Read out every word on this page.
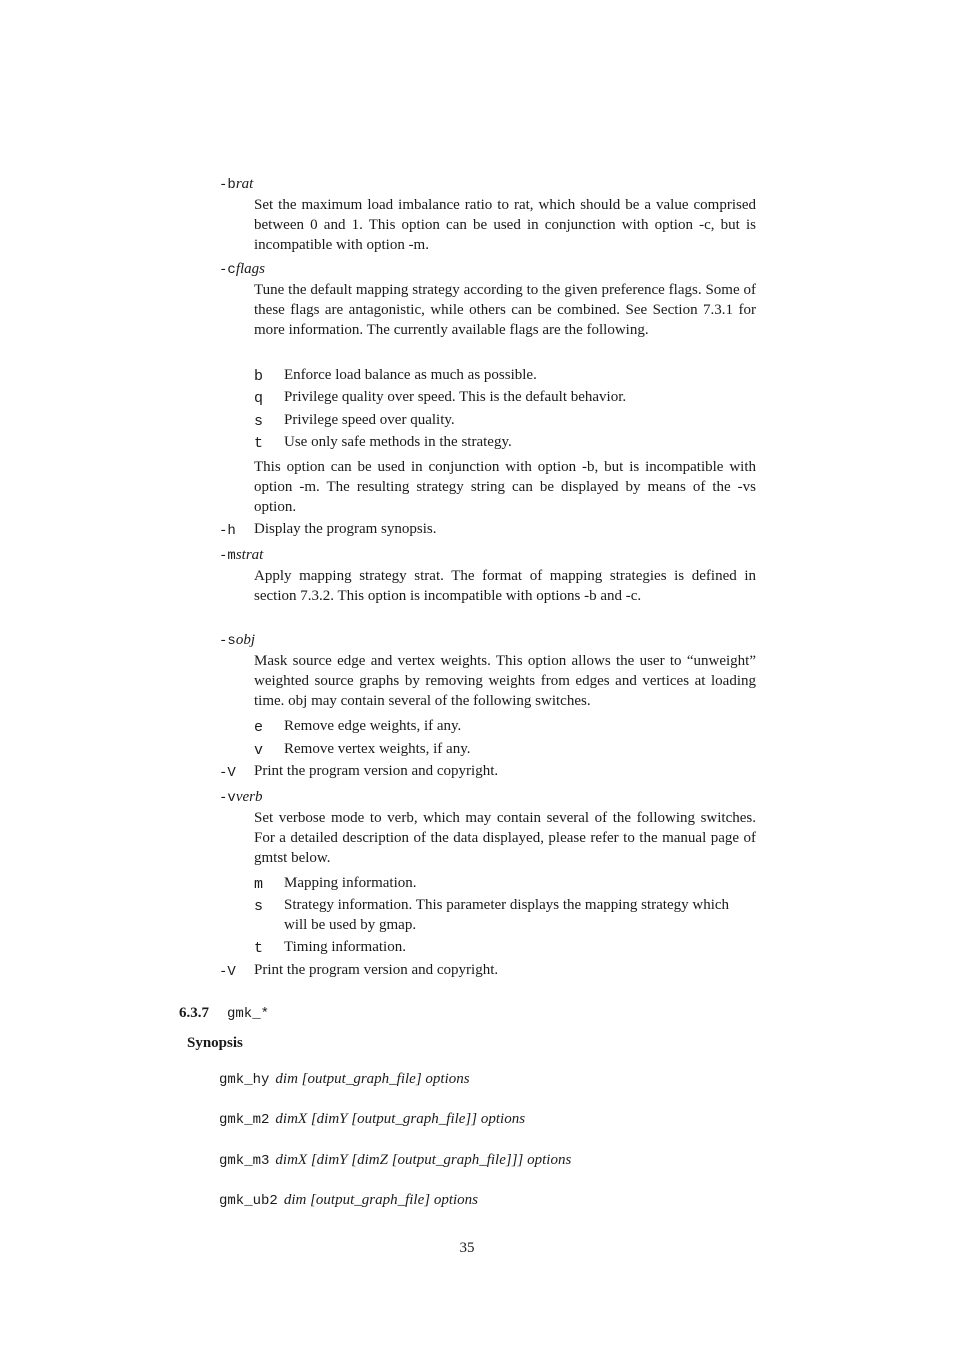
-brat
Set the maximum load imbalance ratio to rat, which should be a value comprised between 0 and 1. This option can be used in conjunction with option -c, but is incompatible with option -m.
-cflags
Tune the default mapping strategy according to the given preference flags. Some of these flags are antagonistic, while others can be combined. See Section 7.3.1 for more information. The currently available flags are the following.
b Enforce load balance as much as possible.
q Privilege quality over speed. This is the default behavior.
s Privilege speed over quality.
t Use only safe methods in the strategy.
This option can be used in conjunction with option -b, but is incompatible with option -m. The resulting strategy string can be displayed by means of the -vs option.
-h Display the program synopsis.
-mstrat
Apply mapping strategy strat. The format of mapping strategies is defined in section 7.3.2. This option is incompatible with options -b and -c.
-sobj
Mask source edge and vertex weights. This option allows the user to “unweight” weighted source graphs by removing weights from edges and vertices at loading time. obj may contain several of the following switches.
e Remove edge weights, if any.
v Remove vertex weights, if any.
-V Print the program version and copyright.
-vverb
Set verbose mode to verb, which may contain several of the following switches. For a detailed description of the data displayed, please refer to the manual page of gmtst below.
m Mapping information.
s Strategy information. This parameter displays the mapping strategy which will be used by gmap.
t Timing information.
-V Print the program version and copyright.
6.3.7 gmk_*
Synopsis
gmk_hy dim [output_graph_file] options
gmk_m2 dimX [dimY [output_graph_file]] options
gmk_m3 dimX [dimY [dimZ [output_graph_file]]] options
gmk_ub2 dim [output_graph_file] options
35
